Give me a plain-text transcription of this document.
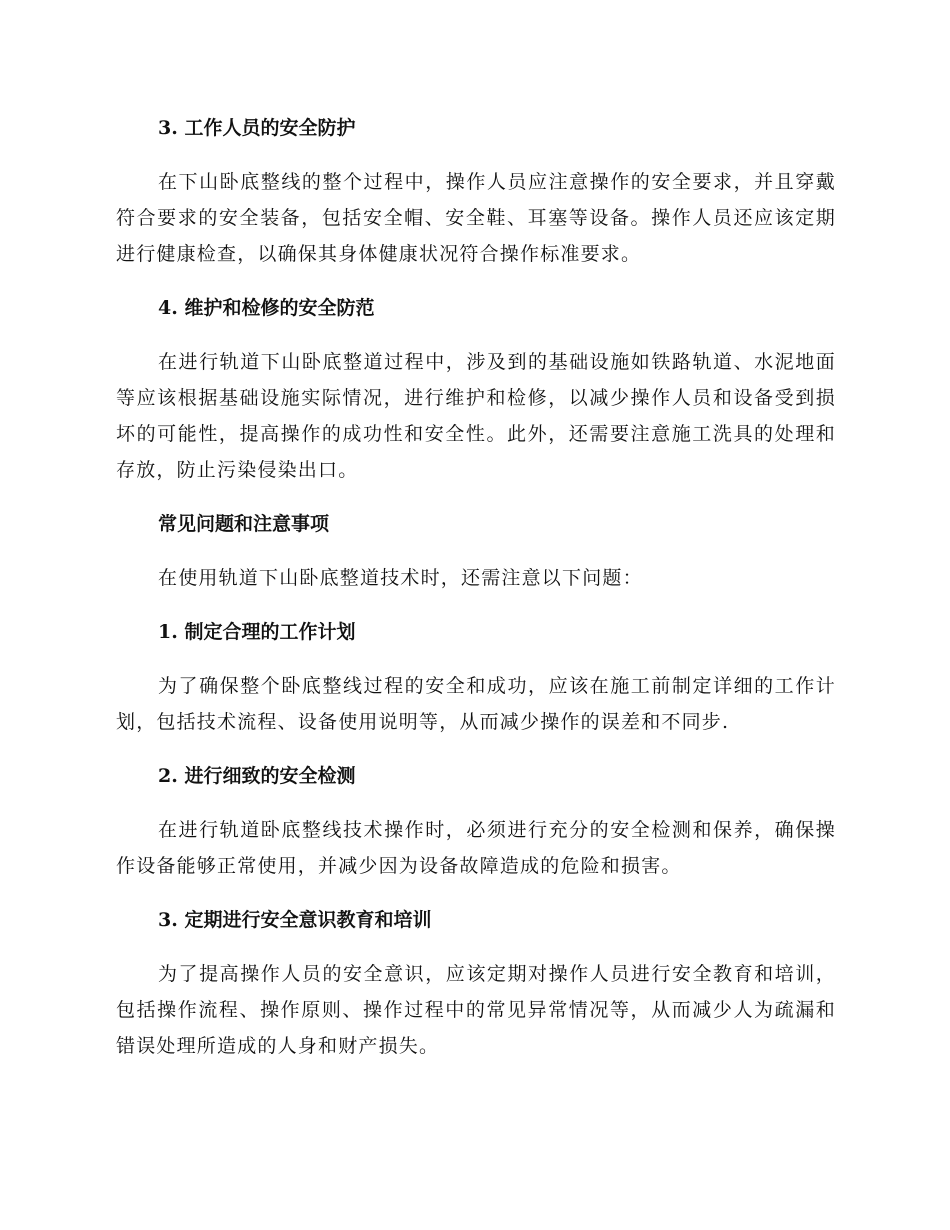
3. 工作人员的安全防护

在下山卧底整线的整个过程中，操作人员应注意操作的安全要求，并且穿戴符合要求的安全装备，包括安全帽、安全鞋、耳塞等设备。操作人员还应该定期进行健康检查，以确保其身体健康状况符合操作标准要求。

4. 维护和检修的安全防范

在进行轨道下山卧底整道过程中，涉及到的基础设施如铁路轨道、水泥地面等应该根据基础设施实际情况，进行维护和检修，以减少操作人员和设备受到损坏的可能性，提高操作的成功性和安全性。此外，还需要注意施工洗具的处理和存放，防止污染侵染出口。

常见问题和注意事项

在使用轨道下山卧底整道技术时，还需注意以下问题：

1. 制定合理的工作计划

为了确保整个卧底整线过程的安全和成功，应该在施工前制定详细的工作计划，包括技术流程、设备使用说明等，从而减少操作的误差和不同步.

2. 进行细致的安全检测

在进行轨道卧底整线技术操作时，必须进行充分的安全检测和保养，确保操作设备能够正常使用，并减少因为设备故障造成的危险和损害。

3. 定期进行安全意识教育和培训

为了提高操作人员的安全意识，应该定期对操作人员进行安全教育和培训，包括操作流程、操作原则、操作过程中的常见异常情况等，从而减少人为疏漏和错误处理所造成的人身和财产损失。
